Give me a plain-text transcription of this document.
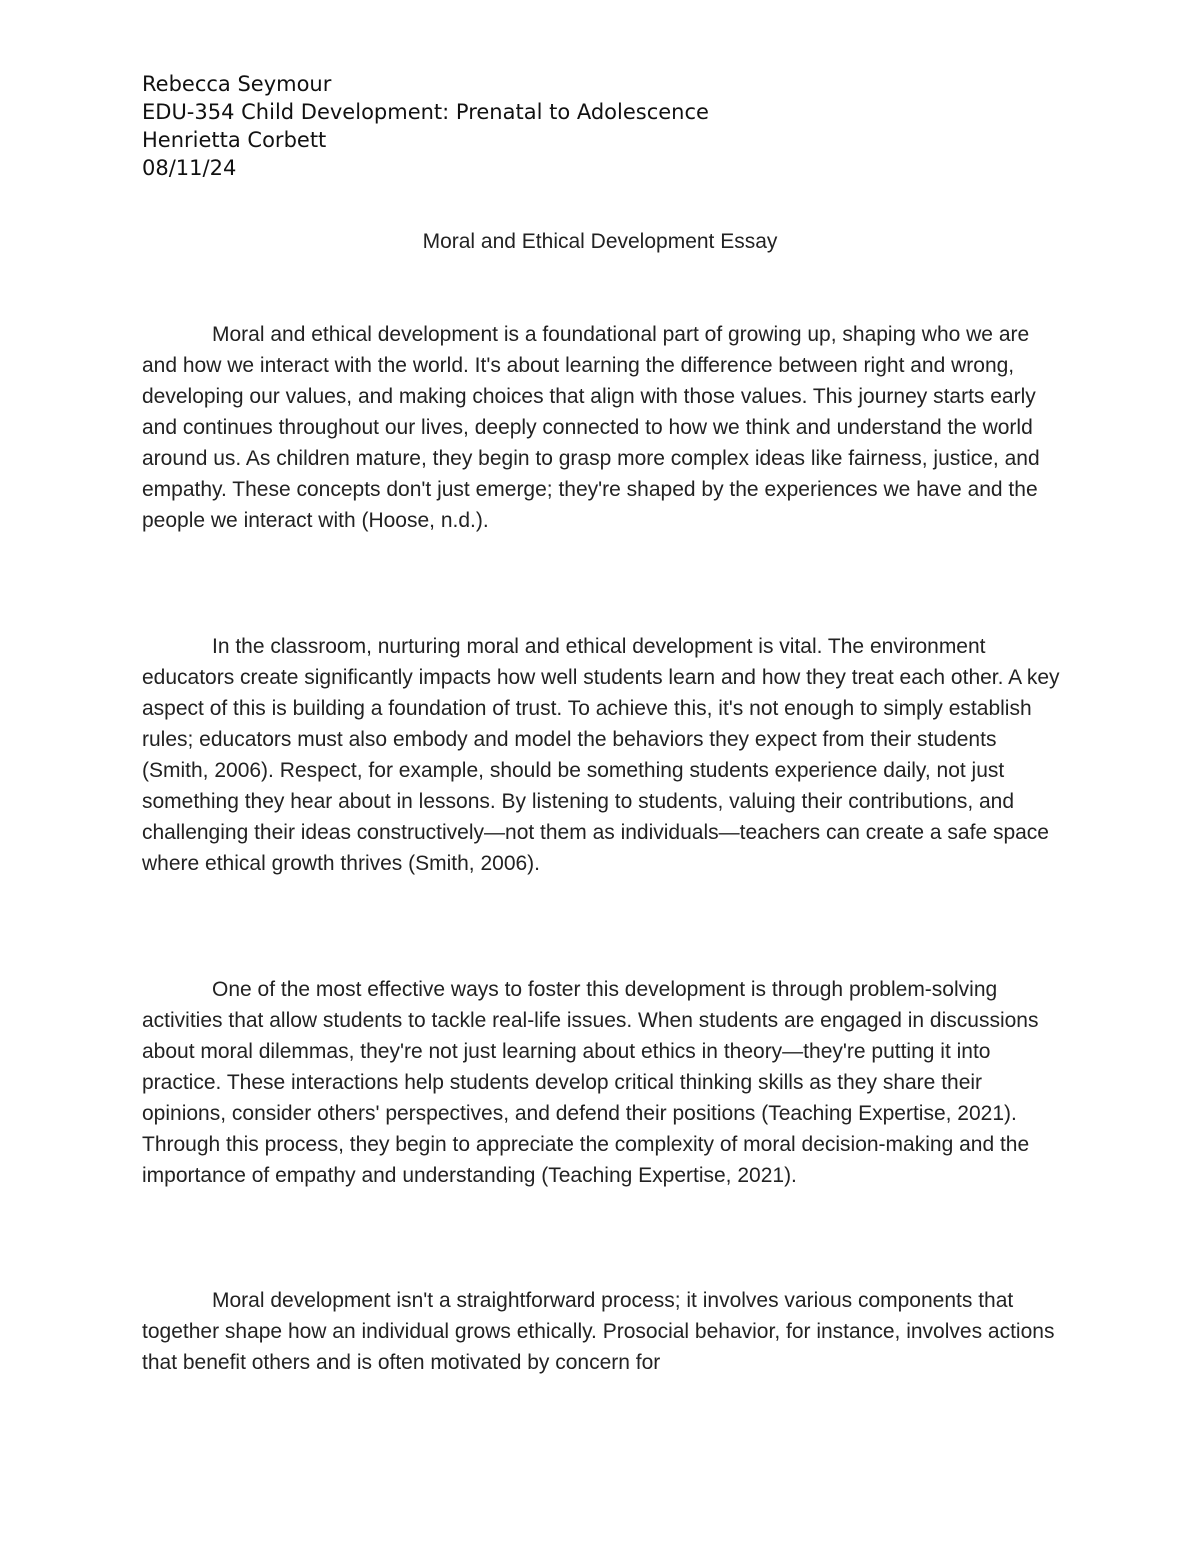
Rebecca Seymour
EDU-354 Child Development: Prenatal to Adolescence
Henrietta Corbett
08/11/24
Moral and Ethical Development Essay

Moral and ethical development is a foundational part of growing up, shaping who we are and how we interact with the world. It's about learning the difference between right and wrong, developing our values, and making choices that align with those values. This journey starts early and continues throughout our lives, deeply connected to how we think and understand the world around us. As children mature, they begin to grasp more complex ideas like fairness, justice, and empathy. These concepts don't just emerge; they're shaped by the experiences we have and the people we interact with (Hoose, n.d.).

In the classroom, nurturing moral and ethical development is vital. The environment educators create significantly impacts how well students learn and how they treat each other. A key aspect of this is building a foundation of trust. To achieve this, it's not enough to simply establish rules; educators must also embody and model the behaviors they expect from their students (Smith, 2006). Respect, for example, should be something students experience daily, not just something they hear about in lessons. By listening to students, valuing their contributions, and challenging their ideas constructively—not them as individuals—teachers can create a safe space where ethical growth thrives (Smith, 2006).

One of the most effective ways to foster this development is through problem-solving activities that allow students to tackle real-life issues. When students are engaged in discussions about moral dilemmas, they're not just learning about ethics in theory—they're putting it into practice. These interactions help students develop critical thinking skills as they share their opinions, consider others' perspectives, and defend their positions (Teaching Expertise, 2021). Through this process, they begin to appreciate the complexity of moral decision-making and the importance of empathy and understanding (Teaching Expertise, 2021).

Moral development isn't a straightforward process; it involves various components that together shape how an individual grows ethically. Prosocial behavior, for instance, involves actions that benefit others and is often motivated by concern for
